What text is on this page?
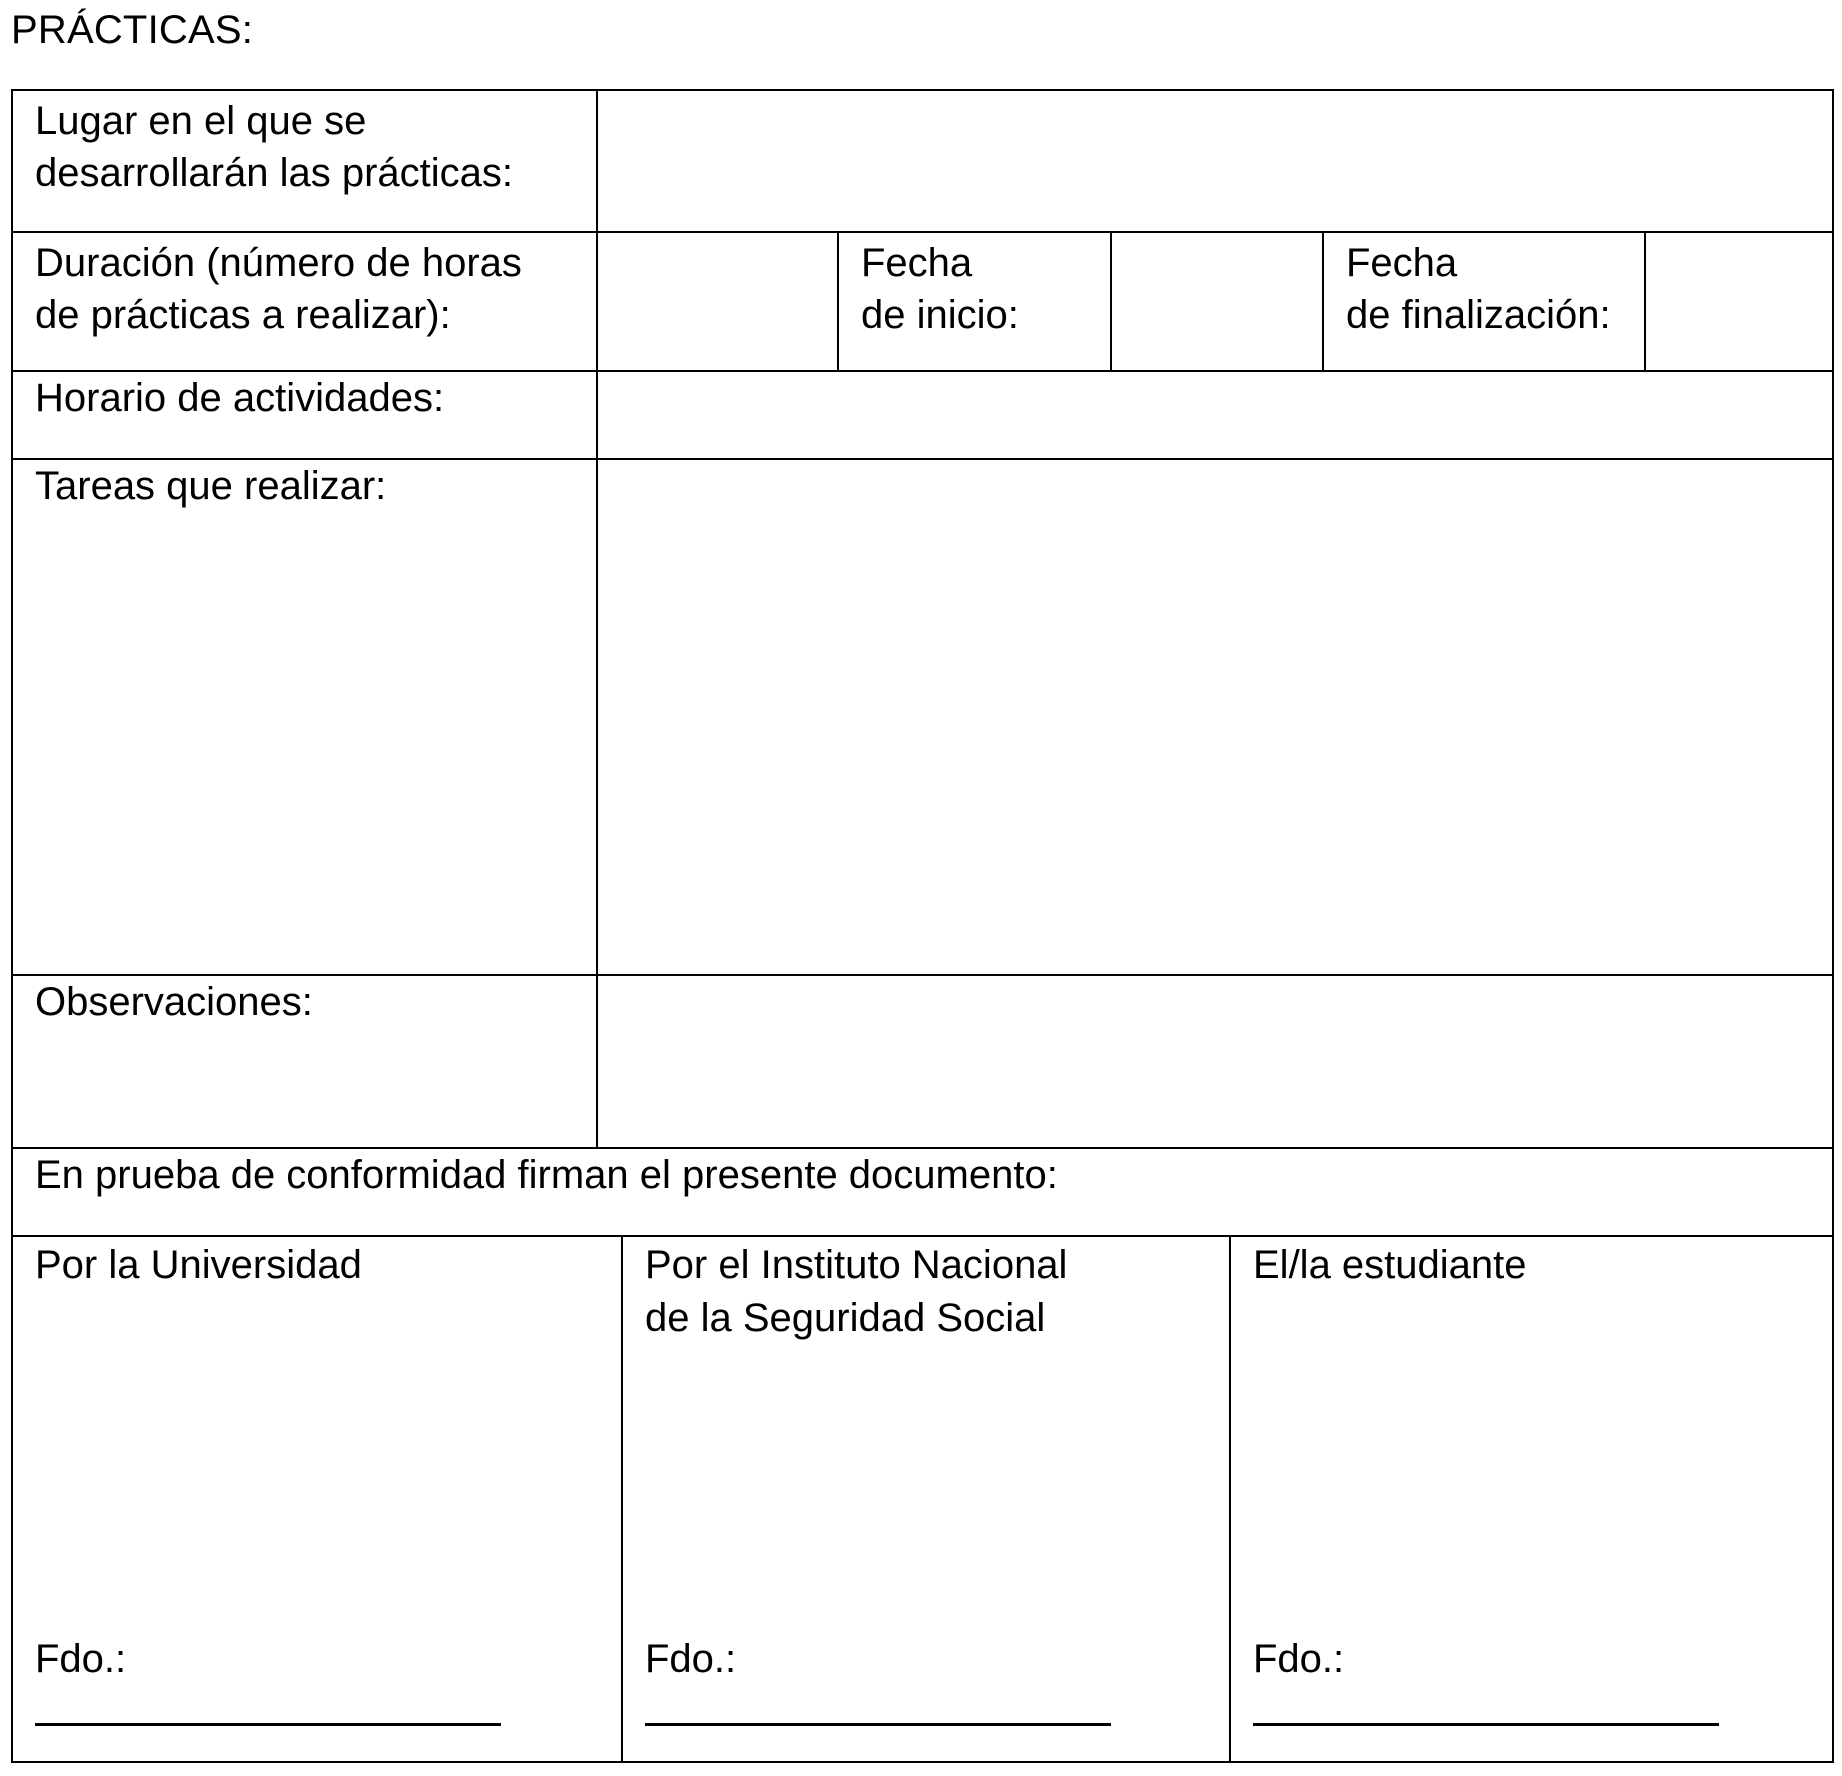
PRÁCTICAS:
Lugar en el que se
desarrollarán las prácticas:
Duración (número de horas
de prácticas a realizar):
Fecha
de inicio:
Fecha
de finalización:
Horario de actividades:
Tareas que realizar:
Observaciones:
En prueba de conformidad firman el presente documento:
Por la Universidad
Fdo.:
Por el Instituto Nacional
de la Seguridad Social
Fdo.:
El/la estudiante
Fdo.:
